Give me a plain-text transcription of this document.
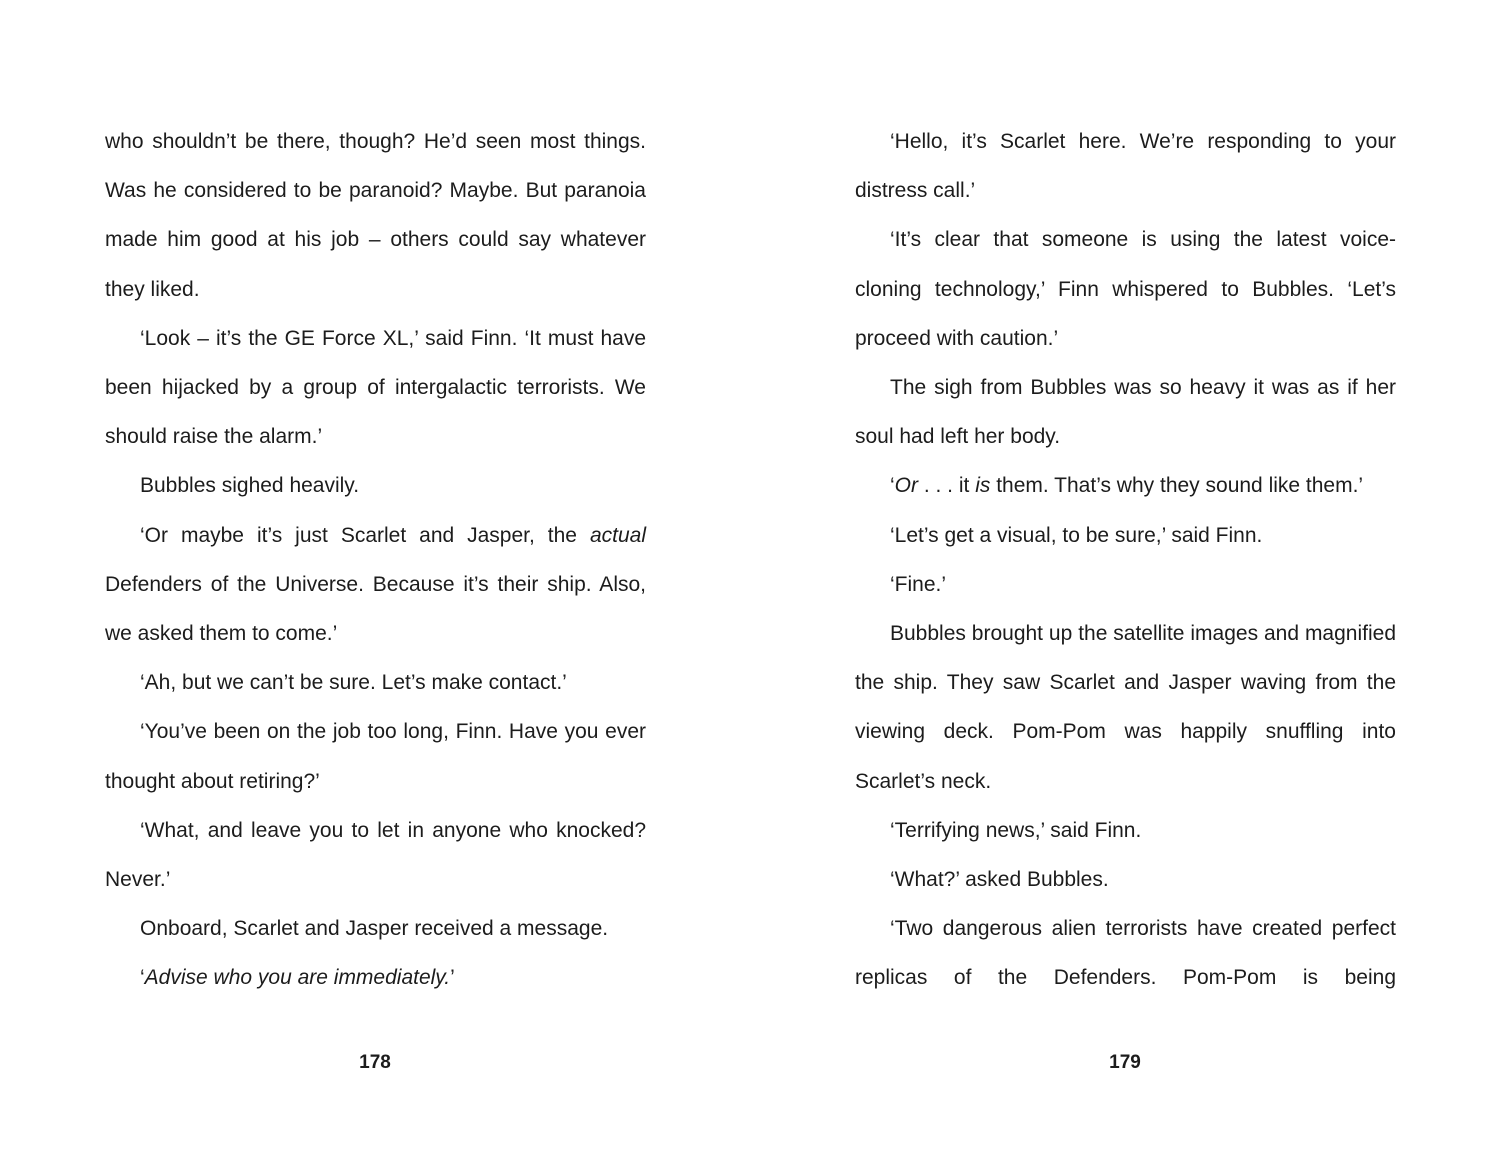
who shouldn’t be there, though? He’d seen most things. Was he considered to be paranoid? Maybe. But paranoia made him good at his job – others could say whatever they liked.

‘Look – it’s the GE Force XL,’ said Finn. ‘It must have been hijacked by a group of intergalactic terrorists. We should raise the alarm.’

Bubbles sighed heavily.

‘Or maybe it’s just Scarlet and Jasper, the actual Defenders of the Universe. Because it’s their ship. Also, we asked them to come.’

‘Ah, but we can’t be sure. Let’s make contact.’

‘You’ve been on the job too long, Finn. Have you ever thought about retiring?’

‘What, and leave you to let in anyone who knocked? Never.’

Onboard, Scarlet and Jasper received a message.

‘Advise who you are immediately.’

178

‘Hello, it’s Scarlet here. We’re responding to your distress call.’

‘It’s clear that someone is using the latest voice-cloning technology,’ Finn whispered to Bubbles. ‘Let’s proceed with caution.’

The sigh from Bubbles was so heavy it was as if her soul had left her body.

‘Or . . . it is them. That’s why they sound like them.’

‘Let’s get a visual, to be sure,’ said Finn.

‘Fine.’

Bubbles brought up the satellite images and magnified the ship. They saw Scarlet and Jasper waving from the viewing deck. Pom-Pom was happily snuffling into Scarlet’s neck.

‘Terrifying news,’ said Finn.

‘What?’ asked Bubbles.

‘Two dangerous alien terrorists have created perfect replicas of the Defenders. Pom-Pom is being

179
